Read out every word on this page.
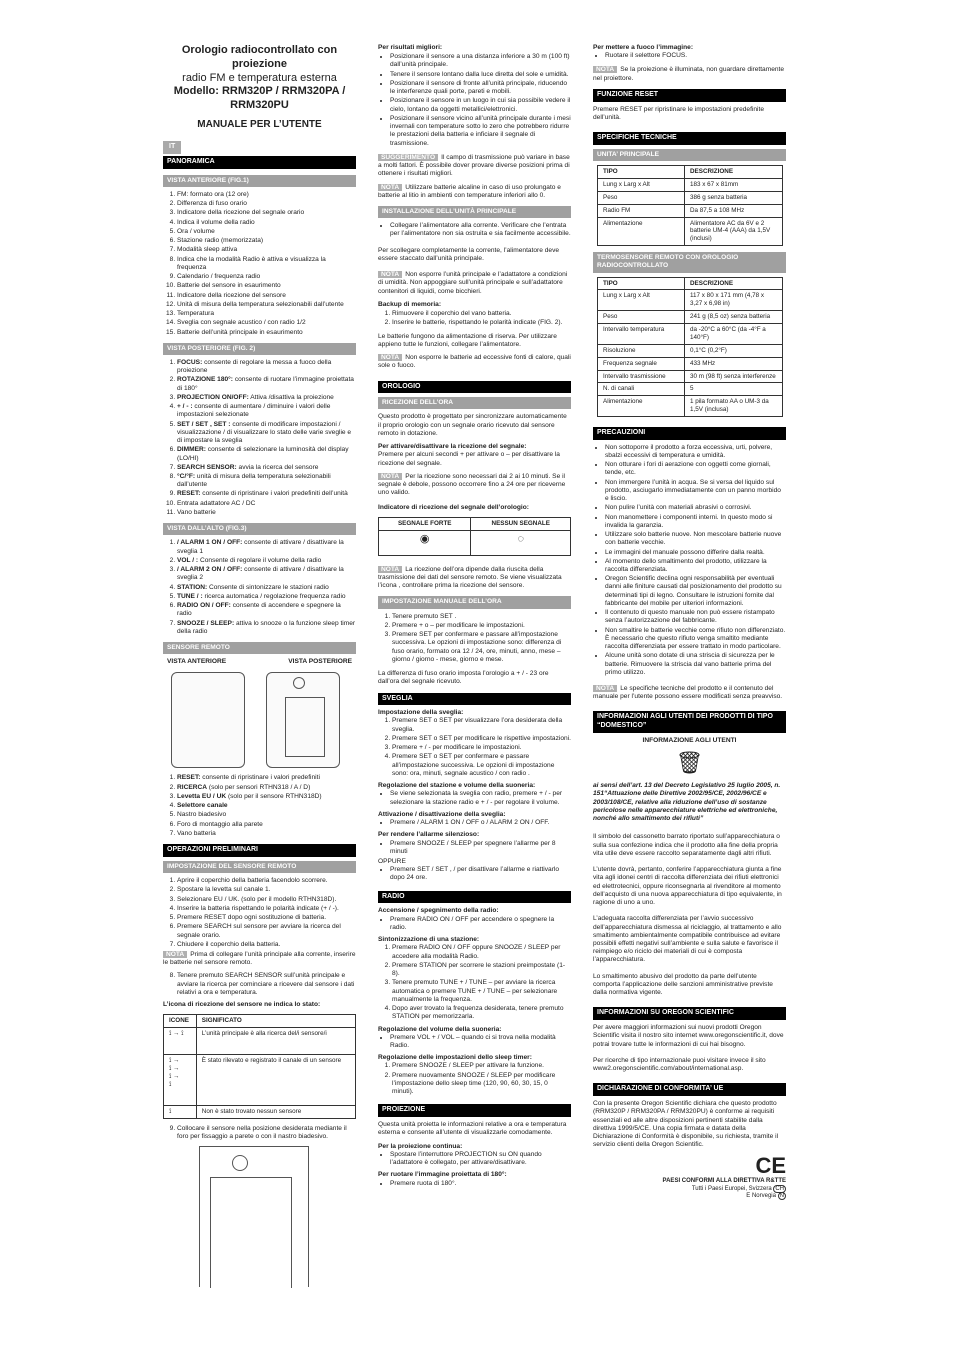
Orologio radiocontrollato con proiezione
radio FM e temperatura esterna
Modello: RRM320P / RRM320PA / RRM320PU
MANUALE PER L’UTENTE
IT
PANORAMICA
VISTA ANTERIORE (FIG.1)
1. FM: formato ora (12 ore)
2. Differenza di fuso orario
3. Indicatore della ricezione del segnale orario
4. Indica il volume della radio
5. Ora / volume
6. Stazione radio (memorizzata)
7. Modalità sleep attiva
8. Indica che la modalità Radio è attiva e visualizza la frequenza
9. Calendario / frequenza radio
10. Batterie del sensore in esaurimento
11. Indicatore della ricezione del sensore
12. Unità di misura della temperatura selezionabili dall’utente
13. Temperatura
14. Sveglia con segnale acustico / con radio 1/2
15. Batterie dell’unità principale in esaurimento
VISTA POSTERIORE (FIG. 2)
1. FOCUS: consente di regolare la messa a fuoco della proiezione
2. ROTAZIONE 180°: consente di ruotare l’immagine proiettata di 180°
3. PROJECTION ON/OFF: Attiva /disattiva la proiezione
4. + / - : consente di aumentare / diminuire i valori delle impostazioni selezionate
5. SET / SET , SET : consente di modificare impostazioni / visualizzazione / di visualizzare lo stato delle varie sveglie e di impostare la sveglia
6. DIMMER: consente di selezionare la luminosità del display (LO/HI)
7. SEARCH SENSOR: avvia la ricerca del sensore
8. °C/°F: unità di misura della temperatura selezionabili dall’utente
9. RESET: consente di ripristinare i valori predefiniti dell’unità
10. Entrata adattatore AC / DC
11. Vano batterie
VISTA DALL’ALTO (FIG.3)
1. / ALARM 1 ON / OFF: consente di attivare / disattivare la sveglia 1
2. VOL / : Consente di regolare il volume della radio
3. / ALARM 2 ON / OFF: consente di attivare / disattivare la sveglia 2
4. STATION: Consente di sintonizzare le stazioni radio
5. TUNE / : ricerca automatica / regolazione frequenza radio
6. RADIO ON / OFF: consente di accendere e spegnere la radio
7. SNOOZE / SLEEP: attiva lo snooze o la funzione sleep timer della radio
SENSORE REMOTO
VISTA ANTERIORE	VISTA POSTERIORE
1. RESET: consente di ripristinare i valori predefiniti
2. RICERCA (solo per sensori RTHN318 / A / D)
3. Levetta EU / UK (solo per il sensore RTHN318D)
4. Selettore canale
5. Nastro biadesivo
6. Foro di montaggio alla parete
7. Vano batteria
OPERAZIONI PRELIMINARI
IMPOSTAZIONE DEL SENSORE REMOTO
1. Aprire il coperchio della batteria facendolo scorrere.
2. Spostare la levetta sul canale 1.
3. Selezionare EU / UK. (solo per il modello RTHN318D).
4. Inserire la batteria rispettando le polarità indicate (+ / -).
5. Premere RESET dopo ogni sostituzione di batteria.
6. Premere SEARCH sul sensore per avviare la ricerca del segnale orario.
7. Chiudere il coperchio della batteria.

NOTA Prima di collegare l’unità principale alla corrente, inserire le batterie nel sensore remoto.

8. Tenere premuto SEARCH SENSOR sull’unità principale e avviare la ricerca per cominciare a ricevere dal sensore i dati relativi a ora e temperatura.

L’icona di ricezione del sensore ne indica lo stato:

ICONE	SIGNIFICATO
⟟ → ⟟	L’unità principale è alla ricerca del/i sensore/i
⟟ →
⟟ →
⟟ →
⟟	È stato rilevato e registrato il canale di un sensore
⟟	Non è stato trovato nessun sensore
9. Collocare il sensore nella posizione desiderata mediante il foro per fissaggio a parete o con il nastro biadesivo.

Per risultati migliori:

• Posizionare il sensore a una distanza inferiore a 30 m (100 ft) dall’unità principale.
• Tenere il sensore lontano dalla luce diretta del sole e umidità.
• Posizionare il sensore di fronte all’unità principale, riducendo le interferenze quali porte, pareti e mobili.
• Posizionare il sensore in un luogo in cui sia possibile vedere il cielo, lontano da oggetti metallici/elettronici.
• Posizionare il sensore vicino all’unità principale durante i mesi invernali con temperature sotto lo zero che potrebbero ridurre le prestazioni della batteria e inficiare il segnale di trasmissione.

SUGGERIMENTO Il campo di trasmissione può variare in base a molti fattori. È possibile dover provare diverse posizioni prima di ottenere i risultati migliori.

NOTA Utilizzare batterie alcaline in caso di uso prolungato e batterie al litio in ambienti con temperature inferiori allo 0.

INSTALLAZIONE DELL’UNITÀ PRINCIPALE
• Collegare l’alimentatore alla corrente. Verificare che l’entrata per l’alimentatore non sia ostruita e sia facilmente accessibile.

Per scollegare completamente la corrente, l’alimentatore deve essere staccato dall’unità principale.

NOTA Non esporre l’unità principale e l’adattatore a condizioni di umidità. Non appoggiare sull’unità principale e sull’adattatore contenitori di liquidi, come bicchieri.

Backup di memoria:

1. Rimuovere il coperchio del vano batteria.
2. Inserire le batterie, rispettando le polarità indicate (FIG. 2).

Le batterie fungono da alimentazione di riserva. Per utilizzare appieno tutte le funzioni, collegare l’alimentatore.

NOTA Non esporre le batterie ad eccessive fonti di calore, quali sole o fuoco.

OROLOGIO
RICEZIONE DELL’ORA

Questo prodotto è progettato per sincronizzare automaticamente il proprio orologio con un segnale orario ricevuto dal sensore remoto in dotazione.

Per attivare/disattivare la ricezione del segnale:

Premere per alcuni secondi + per attivare o – per disattivare la ricezione del segnale.

NOTA Per la ricezione sono necessari dai 2 ai 10 minuti. Se il segnale è debole, possono occorrere fino a 24 ore per riceverne uno valido.

Indicatore di ricezione del segnale dell’orologio:

SEGNALE FORTE	NESSUN SEGNALE
◉	◌

NOTA La ricezione dell’ora dipende dalla riuscita della trasmissione dei dati del sensore remoto. Se viene visualizzata l’icona , controllare prima la ricezione del sensore.

IMPOSTAZIONE MANUALE DELL’ORA
1. Tenere premuto SET .
2. Premere + o – per modificare le impostazioni.
3. Premere SET per confermare e passare all’impostazione successiva. Le opzioni di impostazione sono: differenza di fuso orario, formato ora 12 / 24, ore, minuti, anno, mese – giorno / giorno - mese, giorno e mese.

La differenza di fuso orario imposta l’orologio a + / - 23 ore dall’ora del segnale ricevuto.

SVEGLIA

Impostazione della sveglia:

1. Premere SET o SET per visualizzare l’ora desiderata della sveglia.
2. Premere SET o SET per modificare le rispettive impostazioni.
3. Premere + / - per modificare le impostazioni.
4. Premere SET o SET per confermare e passare all’impostazione successiva. Le opzioni di impostazione sono: ora, minuti, segnale acustico / con radio .

Regolazione del stazione e volume della suoneria:

• Se viene selezionata la sveglia con radio, premere + / - per selezionare la stazione radio e + / - per regolare il volume.

Attivazione / disattivazione della sveglia:

• Premere / ALARM 1 ON / OFF o / ALARM 2 ON / OFF.

Per rendere l’allarme silenzioso:

• Premere SNOOZE / SLEEP per spegnere l’allarme per 8 minuti

OPPURE

• Premere SET / SET , / per disattivare l’allarme e riattivarlo dopo 24 ore.
RADIO

Accensione / spegnimento della radio:

• Premere RADIO ON / OFF per accendere o spegnere la radio.

Sintonizzazione di una stazione:

1. Premere RADIO ON / OFF oppure SNOOZE / SLEEP per accedere alla modalità Radio.
2. Premere STATION per scorrere le stazioni preimpostate (1-8).
3. Tenere premuto TUNE + / TUNE – per avviare la ricerca automatica o premere TUNE + / TUNE – per selezionare manualmente la frequenza.
4. Dopo aver trovato la frequenza desiderata, tenere premuto STATION per memorizzarla.

Regolazione del volume della suoneria:

• Premere VOL + / VOL – quando ci si trova nella modalità Radio.

Regolazione delle impostazioni dello sleep timer:

1. Premere SNOOZE / SLEEP per attivare la funzione.
2. Premere nuovamente SNOOZE / SLEEP per modificare l’impostazione dello sleep time (120, 90, 60, 30, 15, 0 minuti).
PROIEZIONE

Questa unità proietta le informazioni relative a ora e temperatura esterna e consente all’utente di visualizzarle comodamente.

Per la proiezione continua:

• Spostare l’interruttore PROJECTION su ON quando l’adattatore è collegato, per attivare/disattivare.

Per ruotare l’immagine proiettata di 180°:

• Premere ruota di 180°.

Per mettere a fuoco l’immagine:

• Ruotare il selettore FOCUS.

NOTA Se la proiezione è illuminata, non guardare direttamente nel proiettore.

FUNZIONE RESET

Premere RESET per ripristinare le impostazioni predefinite dell’unità.

SPECIFICHE TECNICHE
UNITA’ PRINCIPALE
TIPO	DESCRIZIONE
Lung x Larg x Alt	183 x 67 x 81mm
Peso	386 g senza batteria
Radio FM	Da 87,5 a 108 MHz
Alimentazione	Alimentatore AC da 6V e 2 batterie UM-4 (AAA) da 1,5V (inclusi)
TERMOSENSORE REMOTO CON OROLOGIO RADIOCONTROLLATO
TIPO	DESCRIZIONE
Lung x Larg x Alt	117 x 80 x 171 mm (4,78 x 3,27 x 6,98 in)
Peso	241 g (8,5 oz) senza batteria
Intervallo temperatura	da -20°C a 60°C (da -4°F a 140°F)
Risoluzione	0,1°C (0,2°F)
Frequenza segnale	433 MHz
Intervallo trasmissione	30 m (98 ft) senza interferenze
N. di canali	5
Alimentazione	1 pila formato AA o UM-3 da 1,5V (inclusa)
PRECAUZIONI
• Non sottoporre il prodotto a forza eccessiva, urti, polvere, sbalzi eccessivi di temperatura e umidità.
• Non otturare i fori di aerazione con oggetti come giornali, tende, etc.
• Non immergere l’unità in acqua. Se si versa del liquido sul prodotto, asciugarlo immediatamente con un panno morbido e liscio.
• Non pulire l’unità con materiali abrasivi o corrosivi.
• Non manomettere i componenti interni. In questo modo si invalida la garanzia.
• Utilizzare solo batterie nuove. Non mescolare batterie nuove con batterie vecchie.
• Le immagini del manuale possono differire dalla realtà.
• Al momento dello smaltimento del prodotto, utilizzare la raccolta differenziata.
• Oregon Scientific declina ogni responsabilità per eventuali danni alle finiture causati dal posizionamento del prodotto su determinati tipi di legno. Consultare le istruzioni fornite dal fabbricante del mobile per ulteriori informazioni.
• Il contenuto di questo manuale non può essere ristampato senza l’autorizzazione del fabbricante.
• Non smaltire le batterie vecchie come rifiuto non differenziato. È necessario che questo rifiuto venga smaltito mediante raccolta differenziata per essere trattato in modo particolare.
• Alcune unità sono dotate di una striscia di sicurezza per le batterie. Rimuovere la striscia dal vano batterie prima del primo utilizzo.

NOTA Le specifiche tecniche del prodotto e il contenuto del manuale per l’utente possono essere modificati senza preavviso.

INFORMAZIONI AGLI UTENTI DEI PRODOTTI DI TIPO “DOMESTICO”

INFORMAZIONE AGLI UTENTI

🗑

ai sensi dell’art. 13 del Decreto Legislativo 25 luglio 2005, n. 151“Attuazione delle Direttive 2002/95/CE, 2002/96/CE e 2003/108/CE, relative alla riduzione dell’uso di sostanze pericolose nelle apparecchiature elettriche ed elettroniche, nonché allo smaltimento dei rifiuti”

Il simbolo del cassonetto barrato riportato sull’apparecchiatura o sulla sua confezione indica che il prodotto alla fine della propria vita utile deve essere raccolto separatamente dagli altri rifiuti.

L’utente dovrà, pertanto, conferire l’apparecchiatura giunta a fine vita agli idonei centri di raccolta differenziata dei rifiuti elettronici ed elettrotecnici, oppure riconsegnarla al rivenditore al momento dell’acquisto di una nuova apparecchiatura di tipo equivalente, in ragione di uno a uno.

L’adeguata raccolta differenziata per l’avvio successivo dell’apparecchiatura dismessa al riciclaggio, al trattamento e allo smaltimento ambientalmente compatibile contribuisce ad evitare possibili effetti negativi sull’ambiente e sulla salute e favorisce il reimpiego e/o riciclo dei materiali di cui è composta l’apparecchiatura.

Lo smaltimento abusivo del prodotto da parte dell’utente comporta l’applicazione delle sanzioni amministrative previste dalla normativa vigente.

INFORMAZIONI SU OREGON SCIENTIFIC

Per avere maggiori informazioni sui nuovi prodotti Oregon Scientific visita il nostro sito internet www.oregonscientific.it, dove potrai trovare tutte le informazioni di cui hai bisogno.

Per ricerche di tipo internazionale puoi visitare invece il sito www2.oregonscientific.com/about/international.asp.

DICHIARAZIONE DI CONFORMITA’ UE

Con la presente Oregon Scientific dichiara che questo prodotto (RRM320P / RRM320PA / RRM320PU) è conforme ai requisiti essenziali ed alle altre disposizioni pertinenti stabilite dalla direttiva 1999/5/CE. Una copia firmata e datata della Dichiarazione di Conformità è disponibile, su richiesta, tramite il servizio clienti della Oregon Scientific.

CE
PAESI CONFORMI ALLA DIRETTIVA R&TTE
Tutti i Paesi Europei, Svizzera CH
E Norvegia N
